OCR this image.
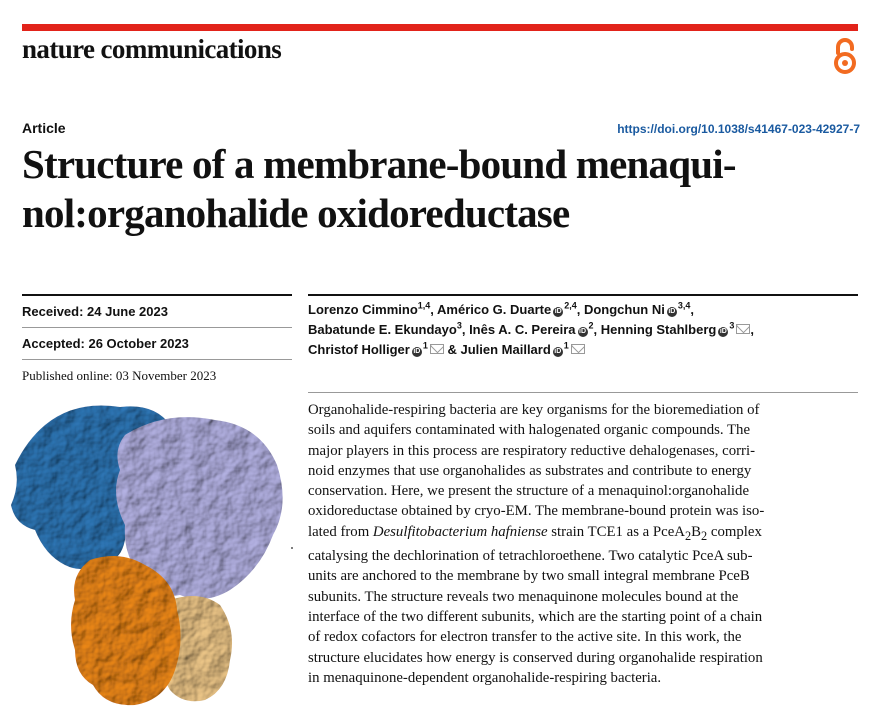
nature communications
Article	https://doi.org/10.1038/s41467-023-42927-7
Structure of a membrane-bound menaqui-
nol:organohalide oxidoreductase
Received: 24 June 2023
Accepted: 26 October 2023
Published online: 03 November 2023
Lorenzo Cimmino$^{1,4}$, Américo G. Duarte iD$^{2,4}$, Dongchun Ni iD$^{3,4}$,
Babatunde E. Ekundayo$^3$, Inês A. C. Pereira $iD^2$, Henning Stahlberg $iD^3$ ,
Christof Holliger $iD^1$ & Julien Maillard $iD^1$
Organohalide-respiring bacteria are key organisms for the bioremediation of
soils and aquifers contaminated with halogenated organic compounds. The
major players in this process are respiratory reductive dehalogenases, corri-
noid enzymes that use organohalides as substrates and contribute to energy
conservation. Here, we present the structure of a menaquinol:organohalide
oxidoreductase obtained by cryo-EM. The membrane-bound protein was iso-
lated from Desulfitobacterium hafniense strain TCE1 as a $PceA_2B_2$ complex
catalysing the dechlorination of tetrachloroethene. Two catalytic PceA sub-
units are anchored to the membrane by two small integral membrane PceB
subunits. The structure reveals two menaquinone molecules bound at the
interface of the two different subunits, which are the starting point of a chain
of redox cofactors for electron transfer to the active site. In this work, the
structure elucidates how energy is conserved during organohalide respiration
in menaquinone-dependent organohalide-respiring bacteria.
